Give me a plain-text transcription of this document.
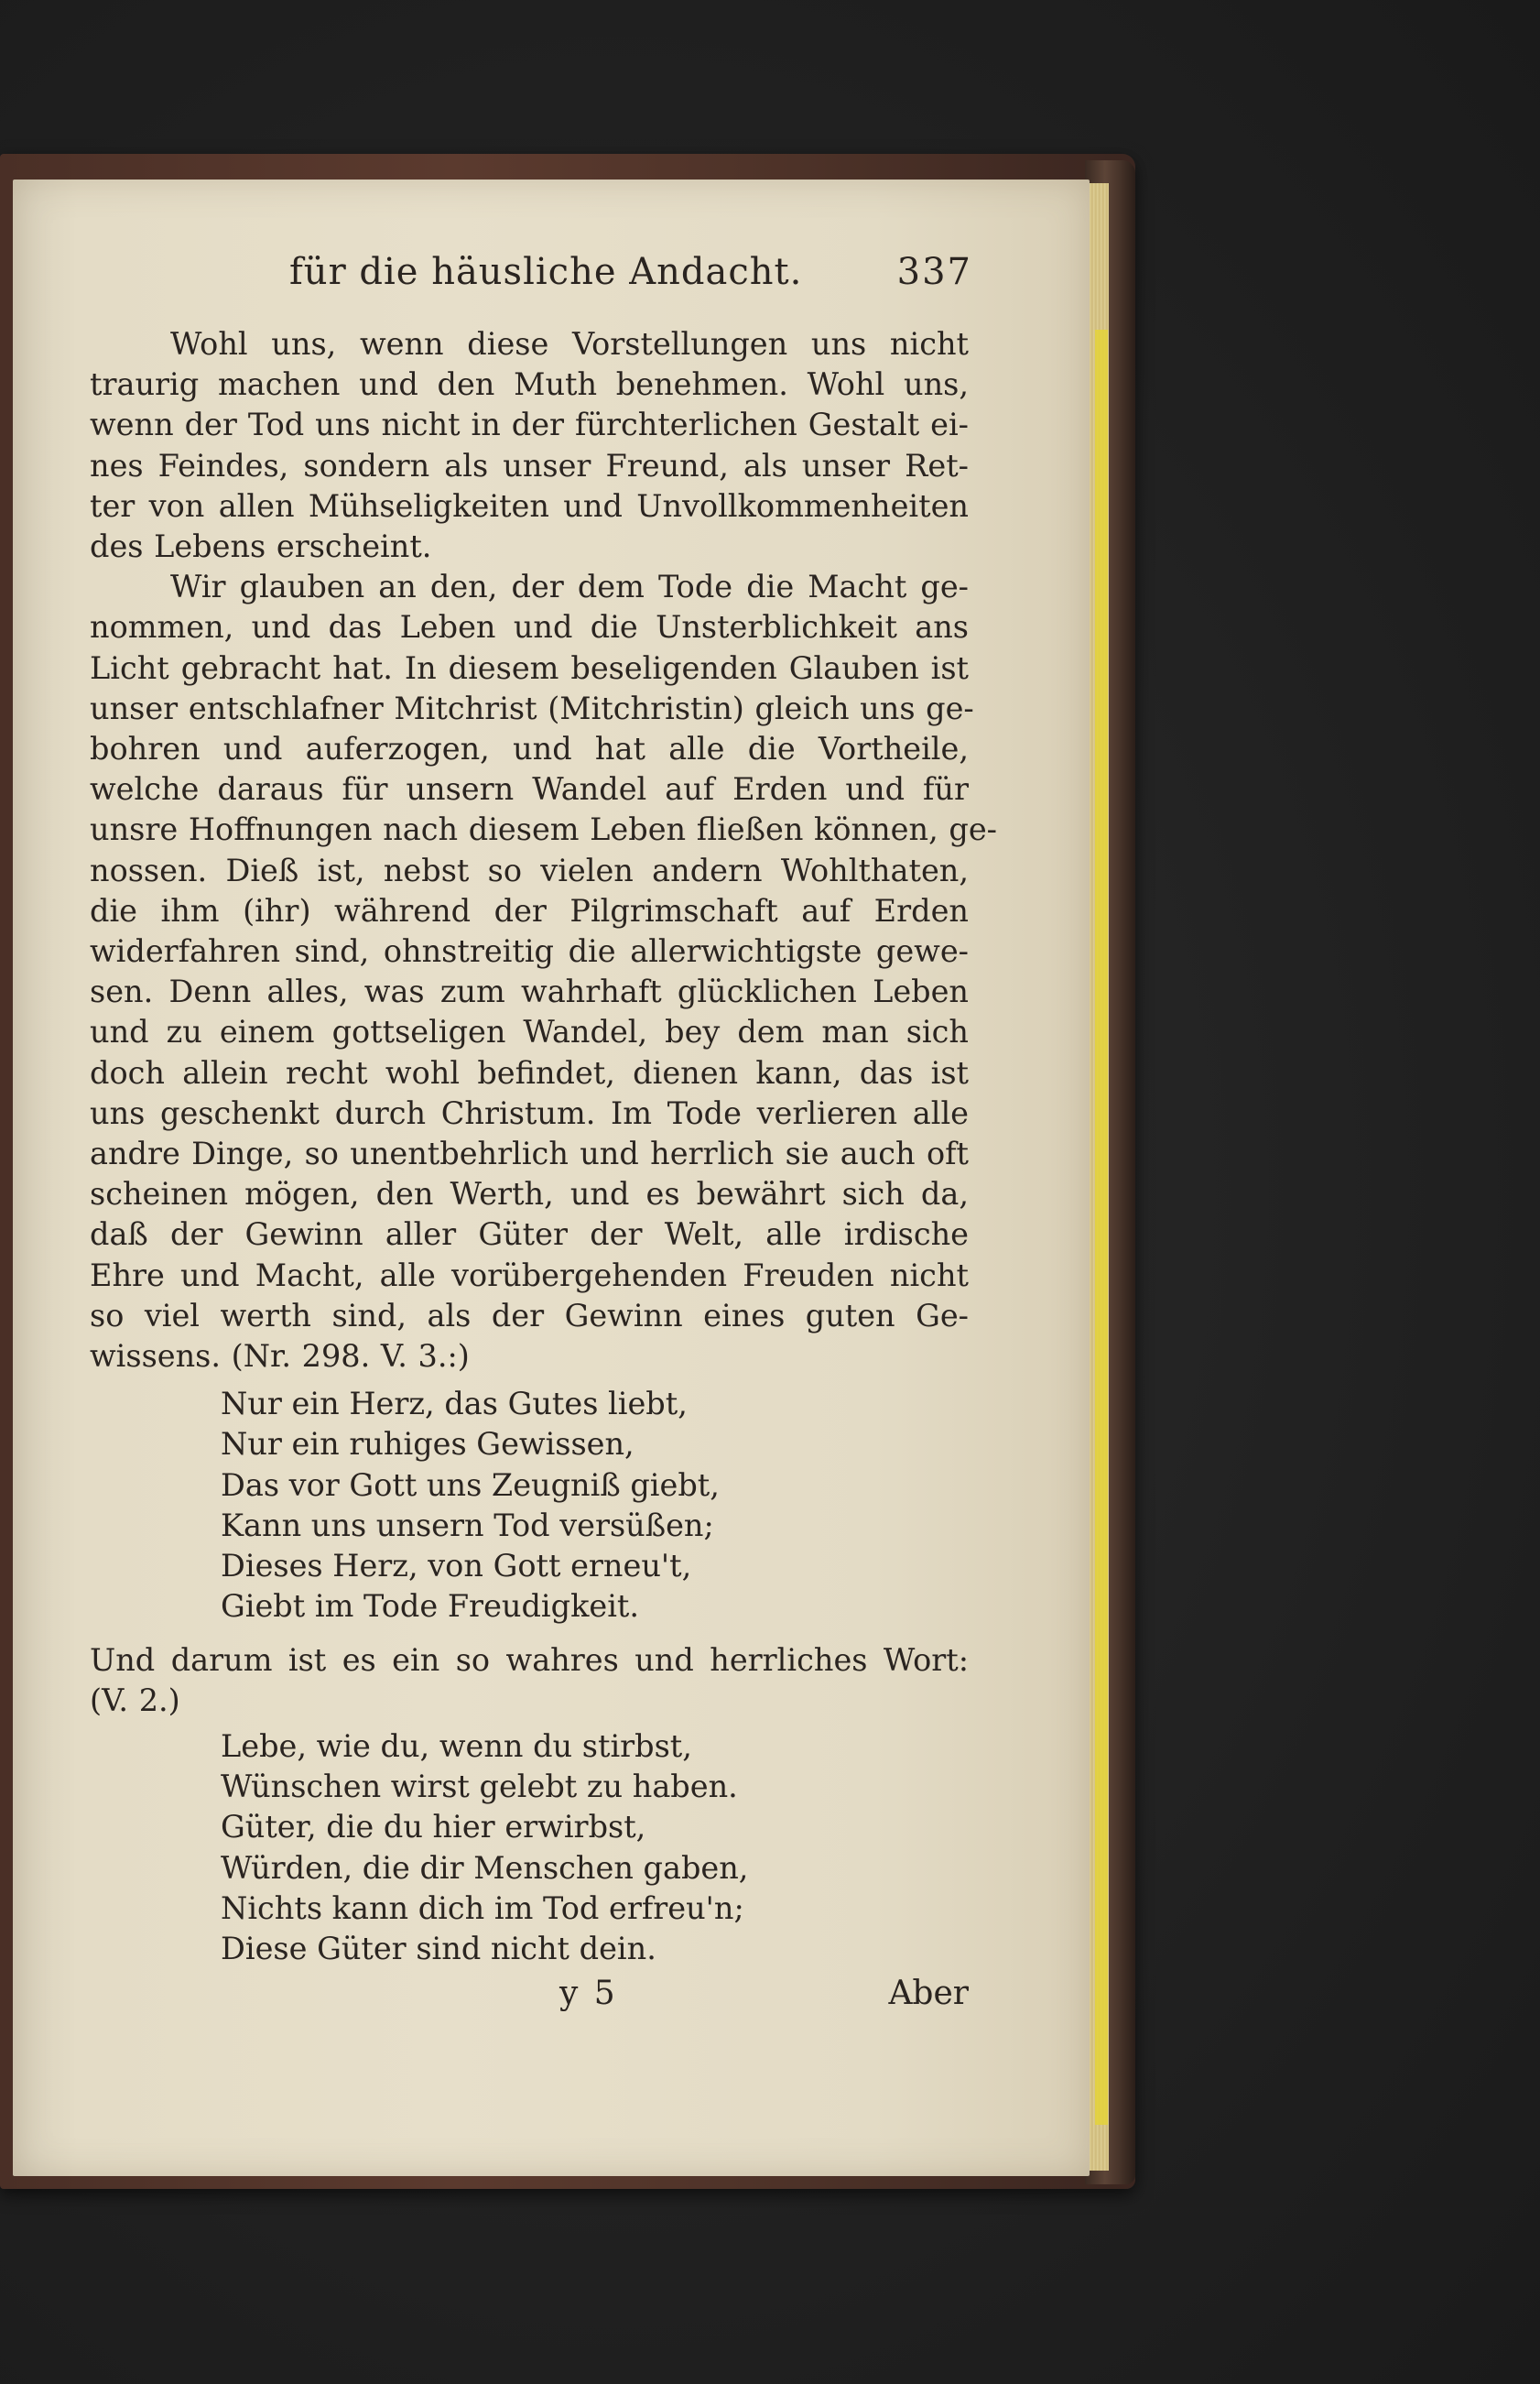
für die häusliche Andacht.	337
Wohl uns, wenn diese Vorstellungen uns nicht
traurig machen und den Muth benehmen. Wohl uns,
wenn der Tod uns nicht in der fürchterlichen Gestalt ei-
nes Feindes, sondern als unser Freund, als unser Ret-
ter von allen Mühseligkeiten und Unvollkommenheiten
des Lebens erscheint.
Wir glauben an den, der dem Tode die Macht ge-
nommen, und das Leben und die Unsterblichkeit ans
Licht gebracht hat. In diesem beseligenden Glauben ist
unser entschlafner Mitchrist (Mitchristin) gleich uns ge-
bohren und auferzogen, und hat alle die Vortheile,
welche daraus für unsern Wandel auf Erden und für
unsre Hoffnungen nach diesem Leben fließen können, ge-
nossen. Dieß ist, nebst so vielen andern Wohlthaten,
die ihm (ihr) während der Pilgrimschaft auf Erden
widerfahren sind, ohnstreitig die allerwichtigste gewe-
sen. Denn alles, was zum wahrhaft glücklichen Leben
und zu einem gottseligen Wandel, bey dem man sich
doch allein recht wohl befindet, dienen kann, das ist
uns geschenkt durch Christum. Im Tode verlieren alle
andre Dinge, so unentbehrlich und herrlich sie auch oft
scheinen mögen, den Werth, und es bewährt sich da,
daß der Gewinn aller Güter der Welt, alle irdische
Ehre und Macht, alle vorübergehenden Freuden nicht
so viel werth sind, als der Gewinn eines guten Ge-
wissens. (Nr. 298. V. 3.:)
Nur ein Herz, das Gutes liebt,
Nur ein ruhiges Gewissen,
Das vor Gott uns Zeugniß giebt,
Kann uns unsern Tod versüßen;
Dieses Herz, von Gott erneu't,
Giebt im Tode Freudigkeit.
Und darum ist es ein so wahres und herrliches Wort:
(V. 2.)
Lebe, wie du, wenn du stirbst,
Wünschen wirst gelebt zu haben.
Güter, die du hier erwirbst,
Würden, die dir Menschen gaben,
Nichts kann dich im Tod erfreu'n;
Diese Güter sind nicht dein.
y 5	Aber
